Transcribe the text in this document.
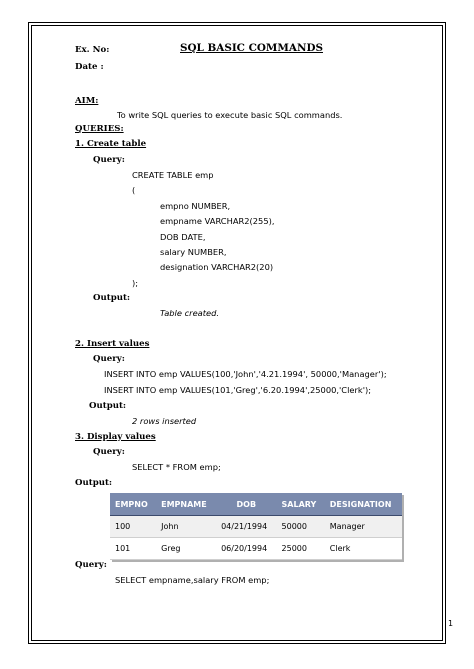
Ex. No:	SQL BASIC COMMANDS
Date :
AIM:
To write SQL queries to execute basic SQL commands.
QUERIES:
1. Create table
Query:
CREATE TABLE emp
(
empno NUMBER,
empname VARCHAR2(255),
DOB DATE,
salary NUMBER,
designation VARCHAR2(20)
);
Output:
Table created.
2. Insert values
Query:
INSERT INTO emp VALUES(100,'John','4.21.1994', 50000,'Manager');
INSERT INTO emp VALUES(101,'Greg','6.20.1994',25000,'Clerk');
Output:
2 rows inserted
3. Display values
Query:
SELECT * FROM emp;
Output:
EMPNO	EMPNAME	DOB	SALARY	DESIGNATION
100	John	04/21/1994	50000	Manager
101	Greg	06/20/1994	25000	Clerk
Query:
SELECT empname,salary FROM emp;
1
